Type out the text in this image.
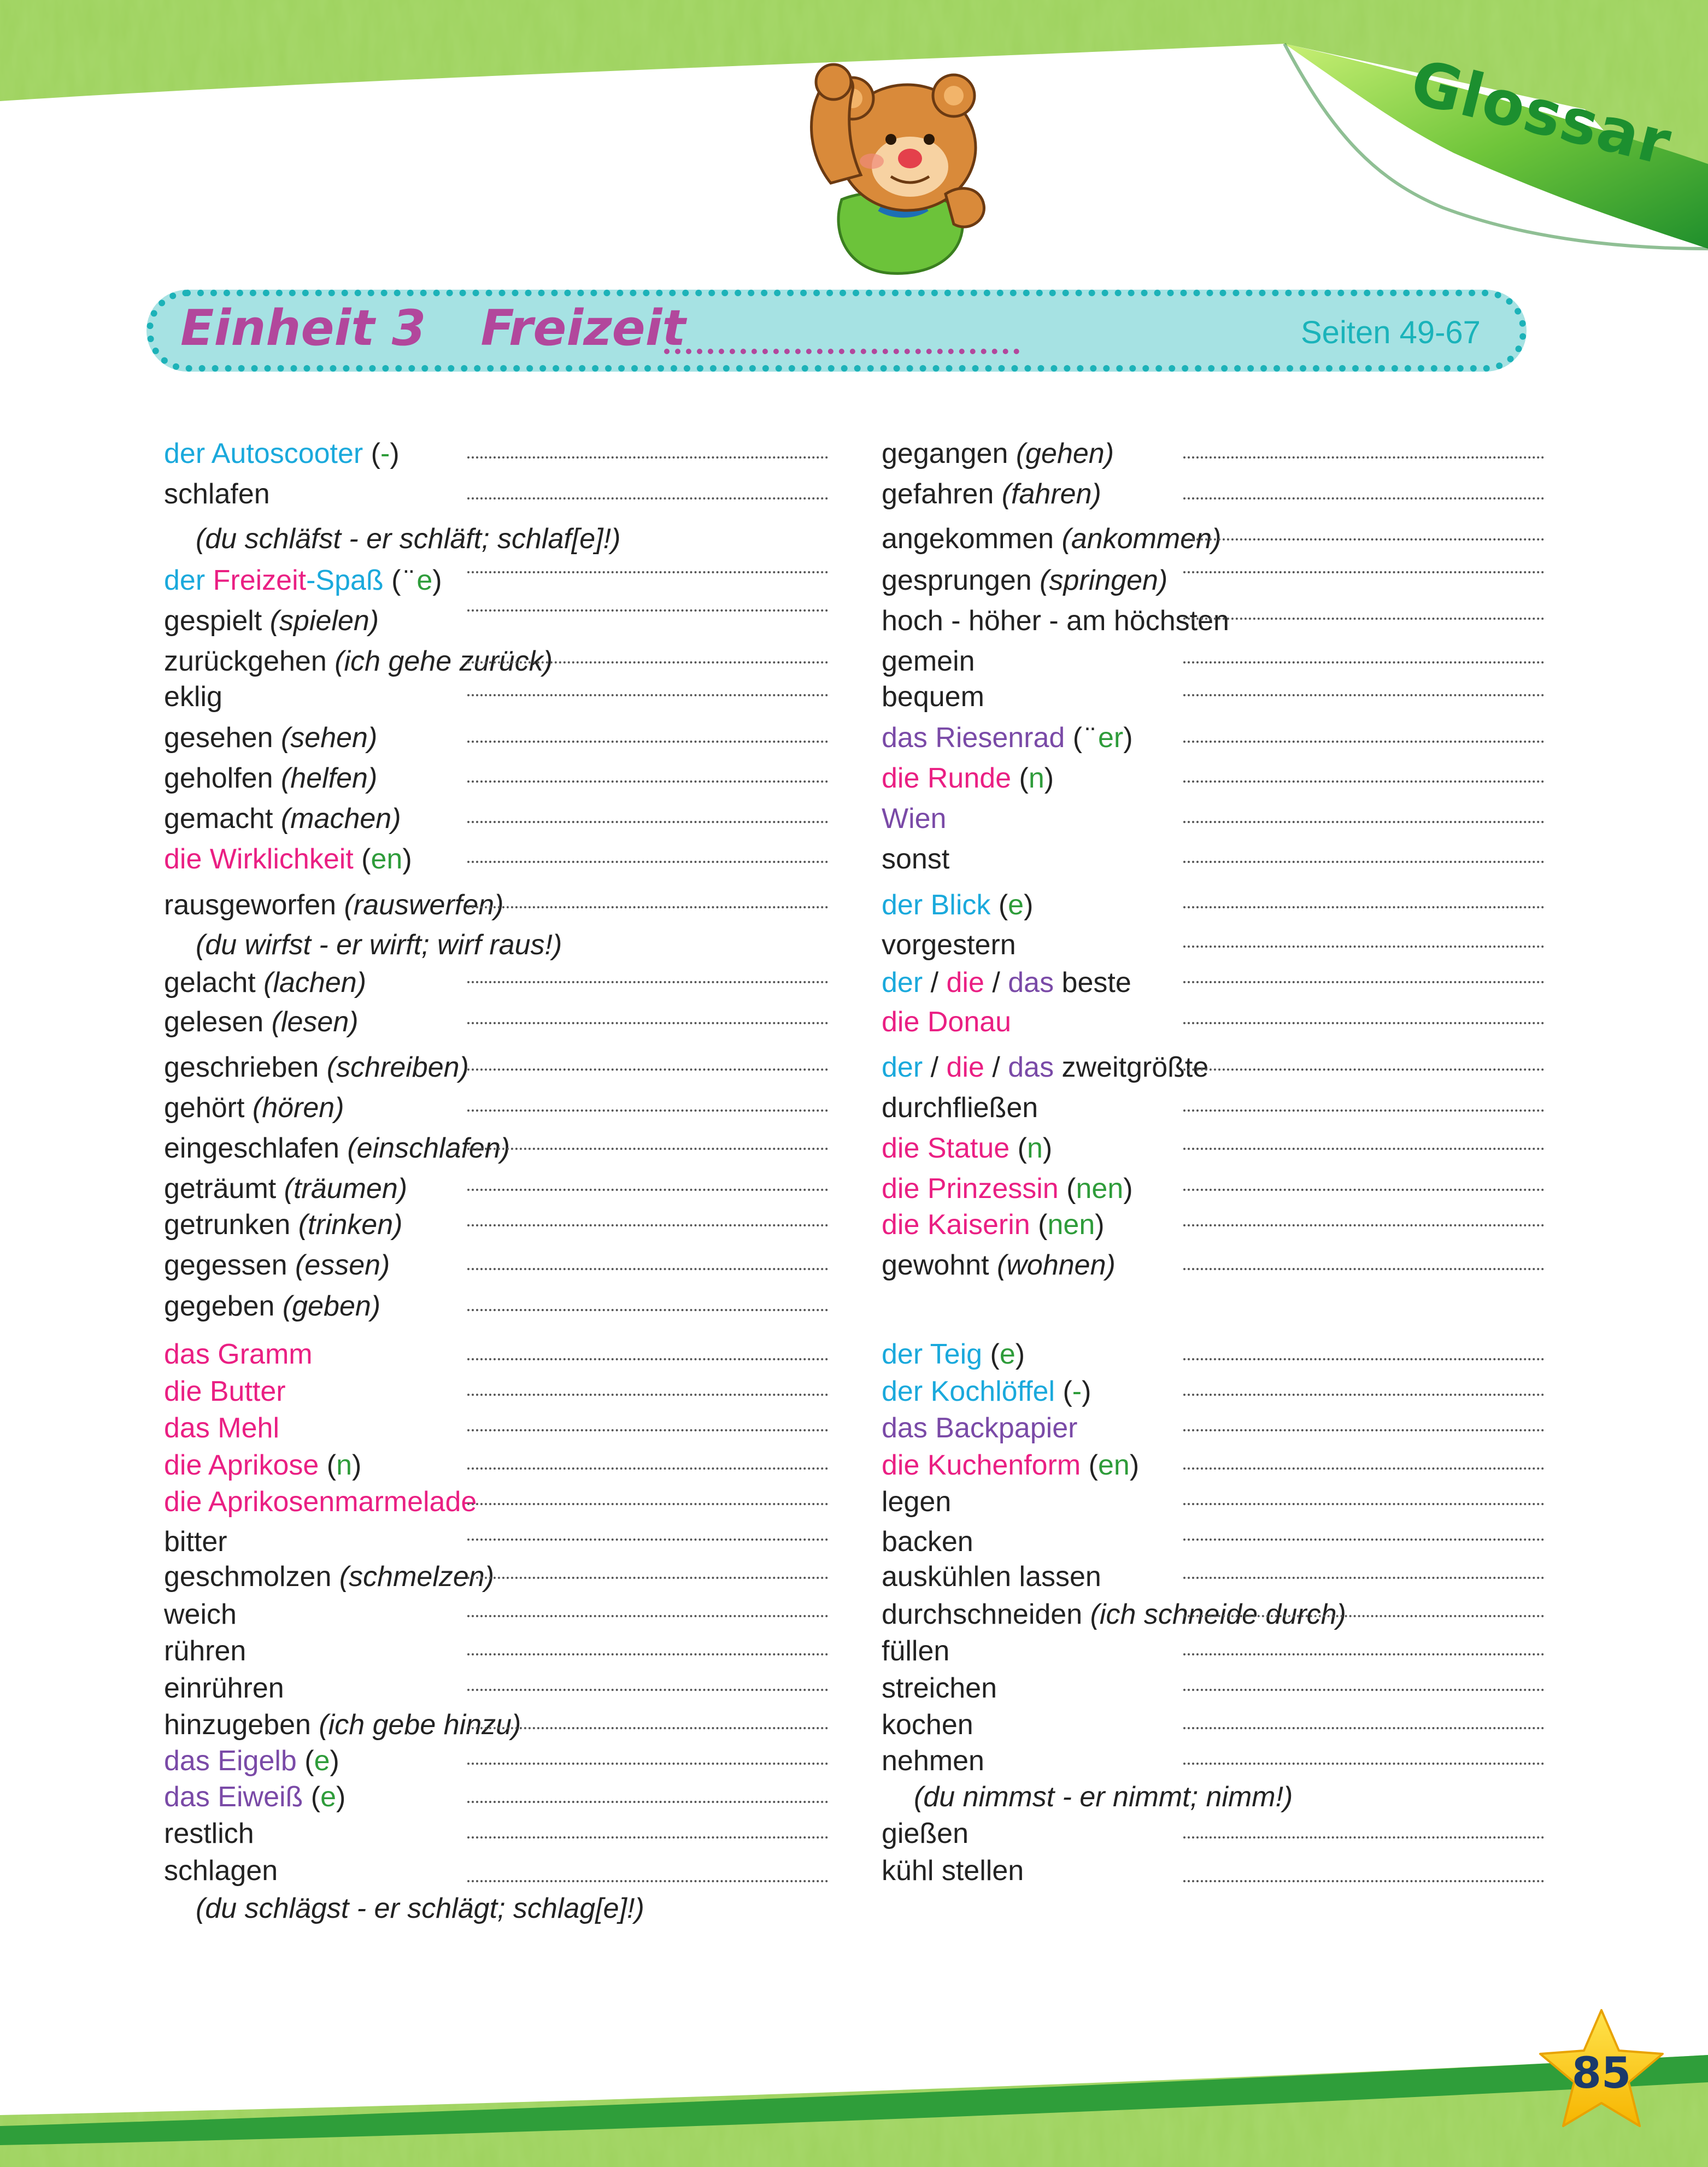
Glossar
Einheit 3 Freizeit	Seiten 49-67
der Autoscooter (-)
schlafen
(du schläfst - er schläft; schlaf[e]!)
der Freizeit-Spaß ( ̈ e)
gespielt (spielen)
zurückgehen (ich gehe zurück)
eklig
gesehen (sehen)
geholfen (helfen)
gemacht (machen)
die Wirklichkeit (en)
rausgeworfen (rauswerfen)
(du wirfst - er wirft; wirf raus!)
gelacht (lachen)
gelesen (lesen)
geschrieben (schreiben)
gehört (hören)
eingeschlafen (einschlafen)
geträumt (träumen)
getrunken (trinken)
gegessen (essen)
gegeben (geben)
das Gramm
die Butter
das Mehl
die Aprikose (n)
die Aprikosenmarmelade
bitter
geschmolzen (schmelzen)
weich
rühren
einrühren
hinzugeben (ich gebe hinzu)
das Eigelb (e)
das Eiweiß (e)
restlich
schlagen
(du schlägst - er schlägt; schlag[e]!)
gegangen (gehen)
gefahren (fahren)
angekommen (ankommen)
gesprungen (springen)
hoch - höher - am höchsten
gemein
bequem
das Riesenrad ( ̈ er)
die Runde (n)
Wien
sonst
der Blick (e)
vorgestern
der / die / das beste
die Donau
der / die / das zweitgrößte
durchfließen
die Statue (n)
die Prinzessin (nen)
die Kaiserin (nen)
gewohnt (wohnen)
der Teig (e)
der Kochlöffel (-)
das Backpapier
die Kuchenform (en)
legen
backen
auskühlen lassen
durchschneiden (ich schneide durch)
füllen
streichen
kochen
nehmen
(du nimmst - er nimmt; nimm!)
gießen
kühl stellen
85
